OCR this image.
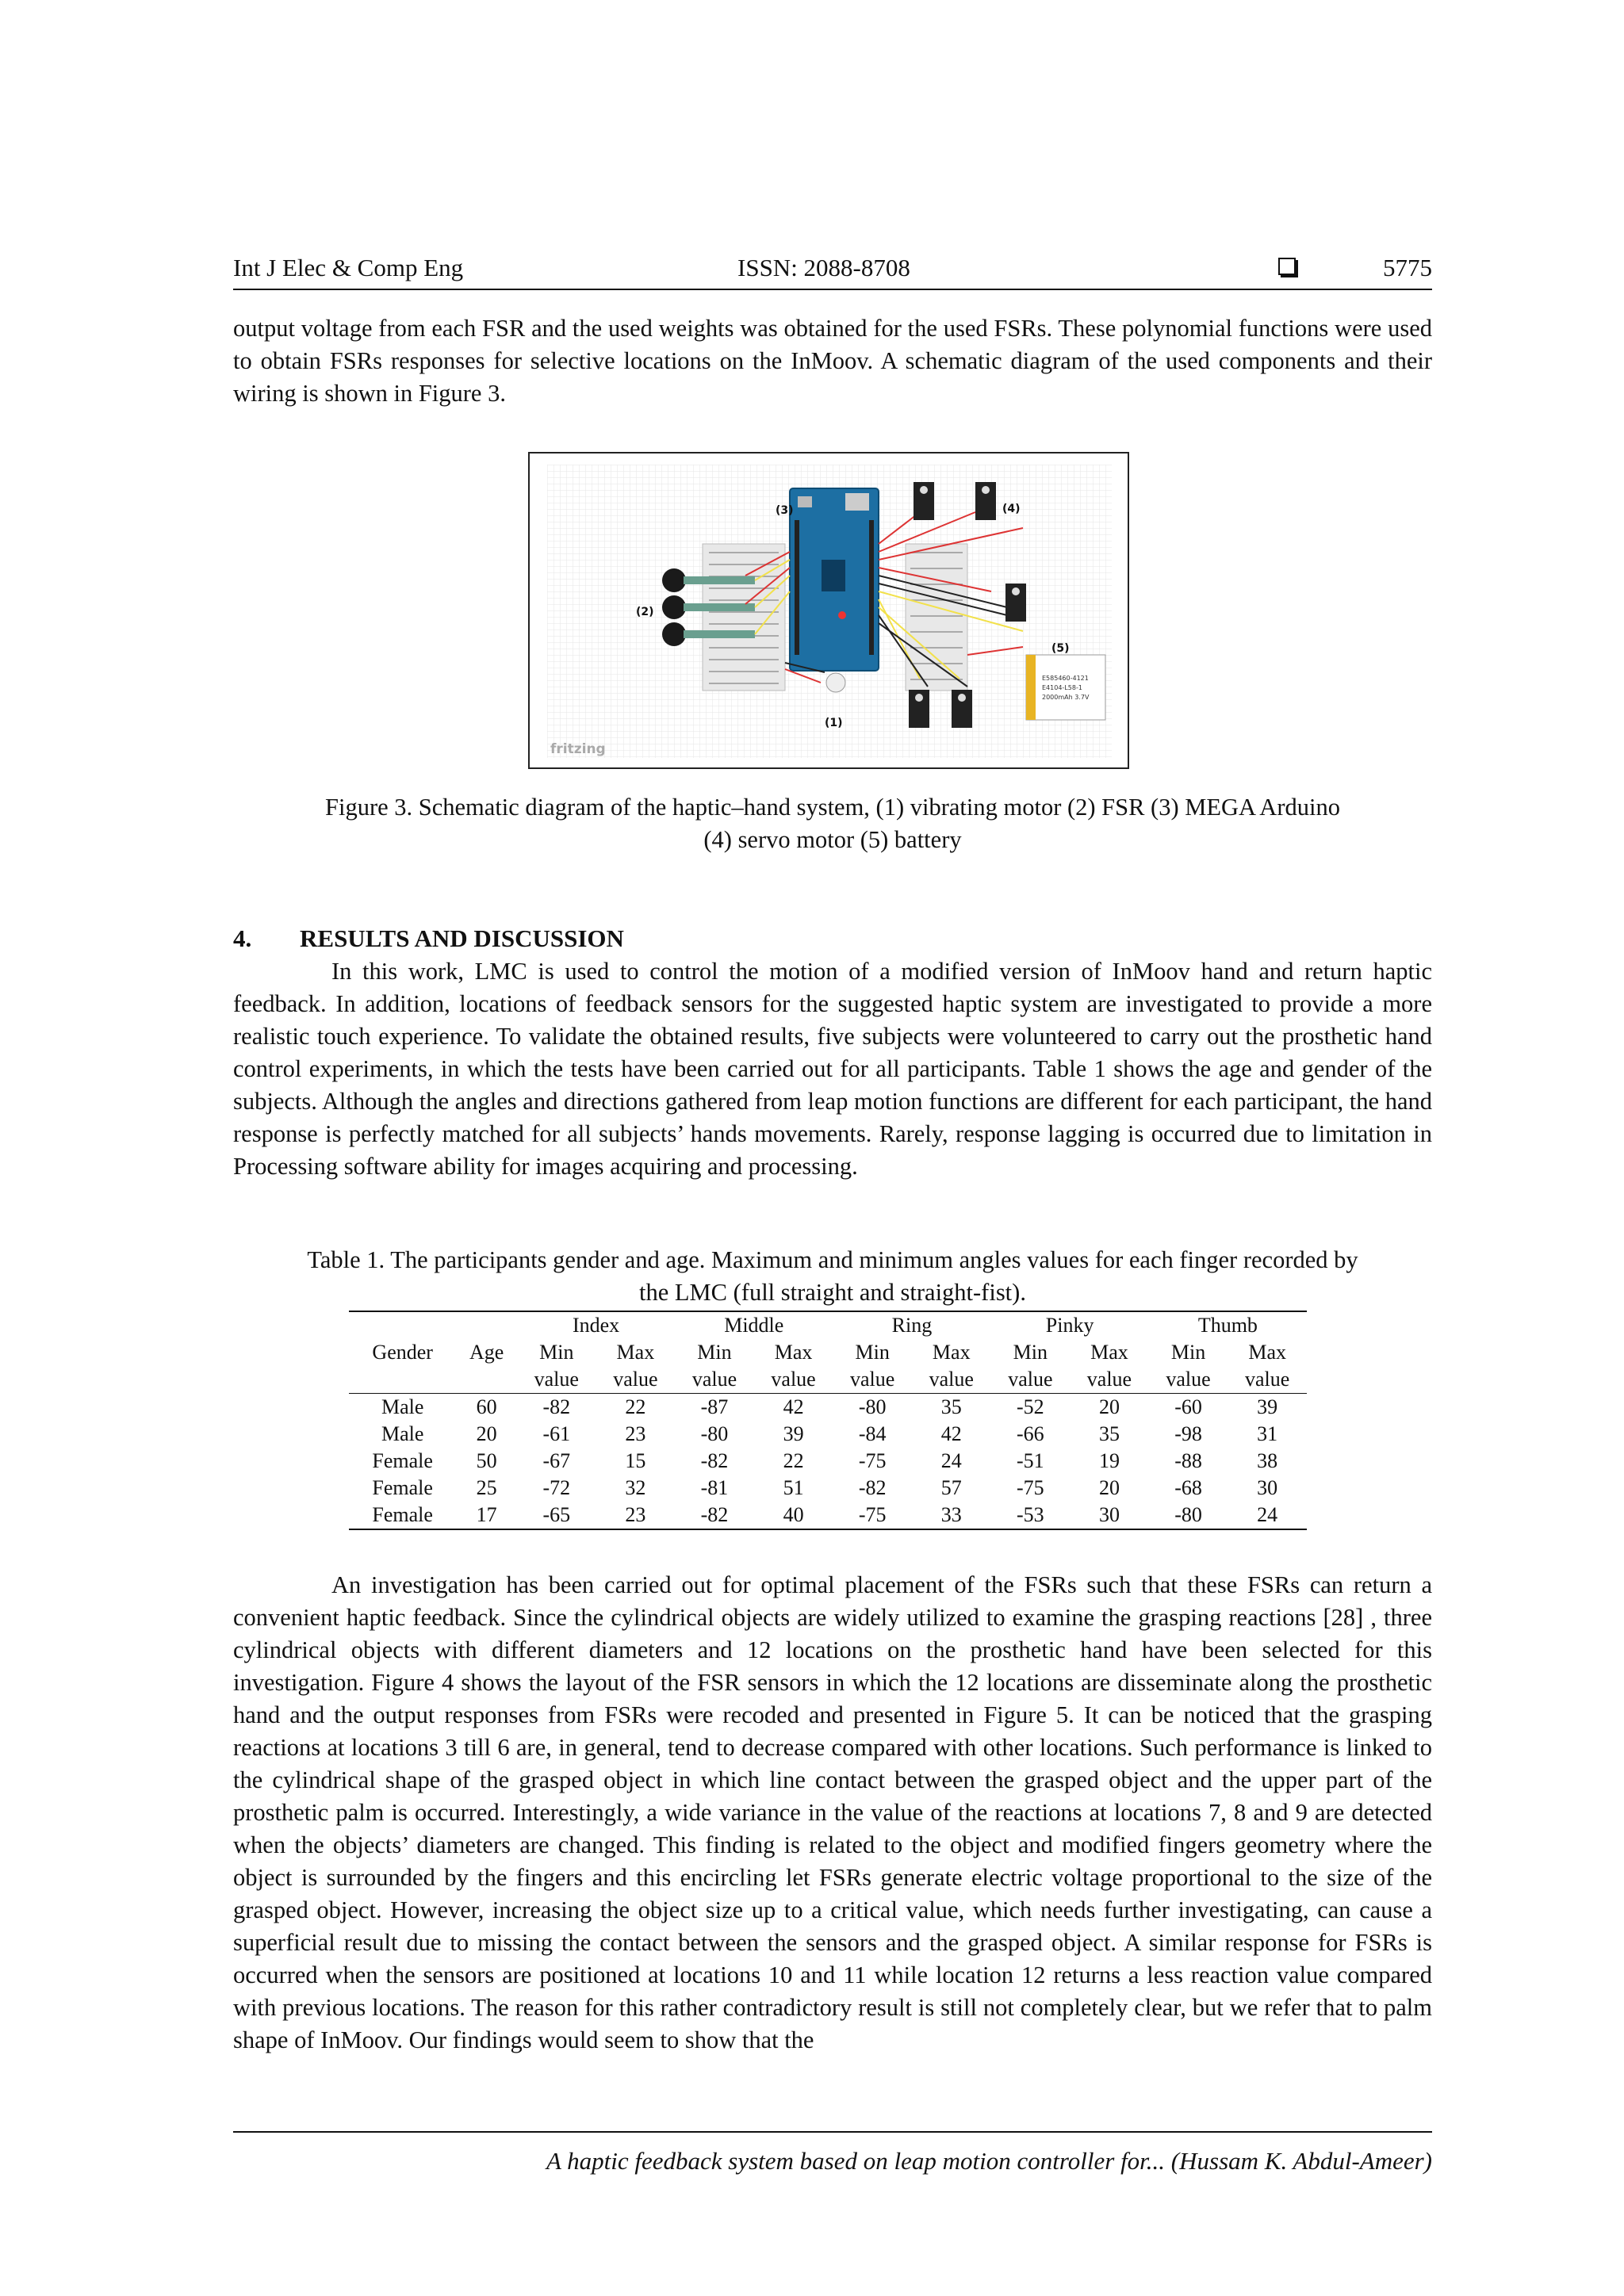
Int J Elec & Comp Eng	ISSN: 2088-8708	5775

output voltage from each FSR and the used weights was obtained for the used FSRs. These polynomial functions were used to obtain FSRs responses for selective locations on the InMoov. A schematic diagram of the used components and their wiring is shown in Figure 3.

E585460-4121
E4104-L58-1
2000mAh 3.7V
(3)	(4)
(2)
(5)
(1)
fritzing
Figure 3. Schematic diagram of the haptic–hand system, (1) vibrating motor (2) FSR (3) MEGA Arduino
(4) servo motor (5) battery
4. RESULTS AND DISCUSSION

In this work, LMC is used to control the motion of a modified version of InMoov hand and return haptic feedback. In addition, locations of feedback sensors for the suggested haptic system are investigated to provide a more realistic touch experience. To validate the obtained results, five subjects were volunteered to carry out the prosthetic hand control experiments, in which the tests have been carried out for all participants. Table 1 shows the age and gender of the subjects. Although the angles and directions gathered from leap motion functions are different for each participant, the hand response is perfectly matched for all subjects’ hands movements. Rarely, response lagging is occurred due to limitation in Processing software ability for images acquiring and processing.

Table 1. The participants gender and age. Maximum and minimum angles values for each finger recorded by
the LMC (full straight and straight-fist).
		Index		Middle		Ring		Pinky		Thumb	
Gender	Age	Min	Max	Min	Max	Min	Max	Min	Max	Min	Max
		value	value	value	value	value	value	value	value	value	value
Male	60	-82	22	-87	42	-80	35	-52	20	-60	39
Male	20	-61	23	-80	39	-84	42	-66	35	-98	31
Female	50	-67	15	-82	22	-75	24	-51	19	-88	38
Female	25	-72	32	-81	51	-82	57	-75	20	-68	30
Female	17	-65	23	-82	40	-75	33	-53	30	-80	24

An investigation has been carried out for optimal placement of the FSRs such that these FSRs can return a convenient haptic feedback. Since the cylindrical objects are widely utilized to examine the grasping reactions [28] , three cylindrical objects with different diameters and 12 locations on the prosthetic hand have been selected for this investigation. Figure 4 shows the layout of the FSR sensors in which the 12 locations are disseminate along the prosthetic hand and the output responses from FSRs were recoded and presented in Figure 5. It can be noticed that the grasping reactions at locations 3 till 6 are, in general, tend to decrease compared with other locations. Such performance is linked to the cylindrical shape of the grasped object in which line contact between the grasped object and the upper part of the prosthetic palm is occurred. Interestingly, a wide variance in the value of the reactions at locations 7, 8 and 9 are detected when the objects’ diameters are changed. This finding is related to the object and modified fingers geometry where the object is surrounded by the fingers and this encircling let FSRs generate electric voltage proportional to the size of the grasped object. However, increasing the object size up to a critical value, which needs further investigating, can cause a superficial result due to missing the contact between the sensors and the grasped object. A similar response for FSRs is occurred when the sensors are positioned at locations 10 and 11 while location 12 returns a less reaction value compared with previous locations. The reason for this rather contradictory result is still not completely clear, but we refer that to palm shape of InMoov. Our findings would seem to show that the

A haptic feedback system based on leap motion controller for... (Hussam K. Abdul-Ameer)
